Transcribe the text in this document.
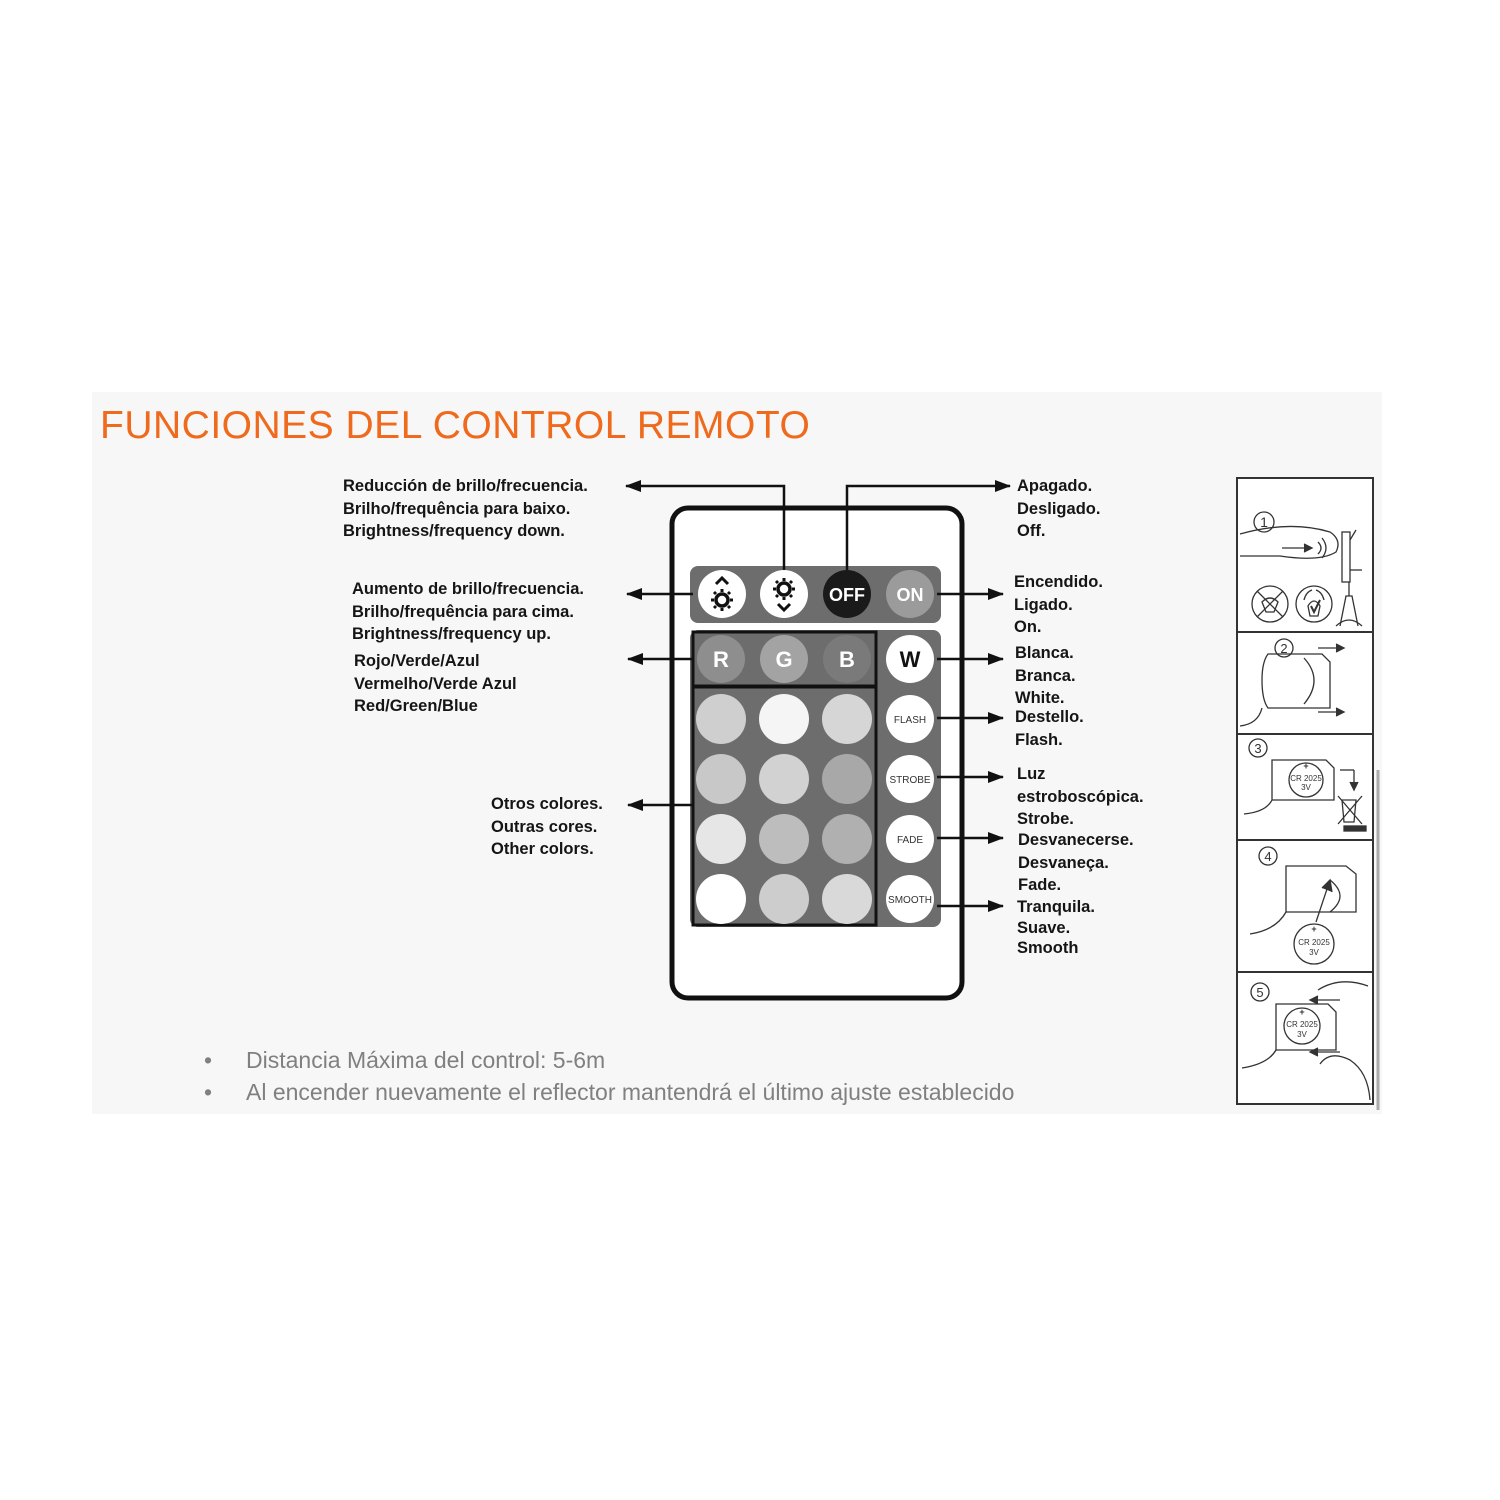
FUNCIONES DEL CONTROL REMOTO
OFF ON
R G B W
FLASH
STROBE
FADE
SMOOTH
1
2
3
+
CR 2025
3V
4
+
CR 2025
3V
5
+
CR 2025
3V
Reducción de brillo/frecuencia.
Brilho/frequência para baixo.
Brightness/frequency down.
Aumento de brillo/frecuencia.
Brilho/frequência para cima.
Brightness/frequency up.
Rojo/Verde/Azul
Vermelho/Verde Azul
Red/Green/Blue
Otros colores.
Outras cores.
Other colors.
Apagado.
Desligado.
Off.
Encendido.
Ligado.
On.
Blanca.
Branca.
White.
Destello.
Flash.
Luz
estroboscópica.
Strobe.
Desvanecerse.
Desvaneça.
Fade.
Tranquila.
Suave.
Smooth
•	Distancia Máxima del control: 5-6m
•	Al encender nuevamente el reflector mantendrá el último ajuste establecido
